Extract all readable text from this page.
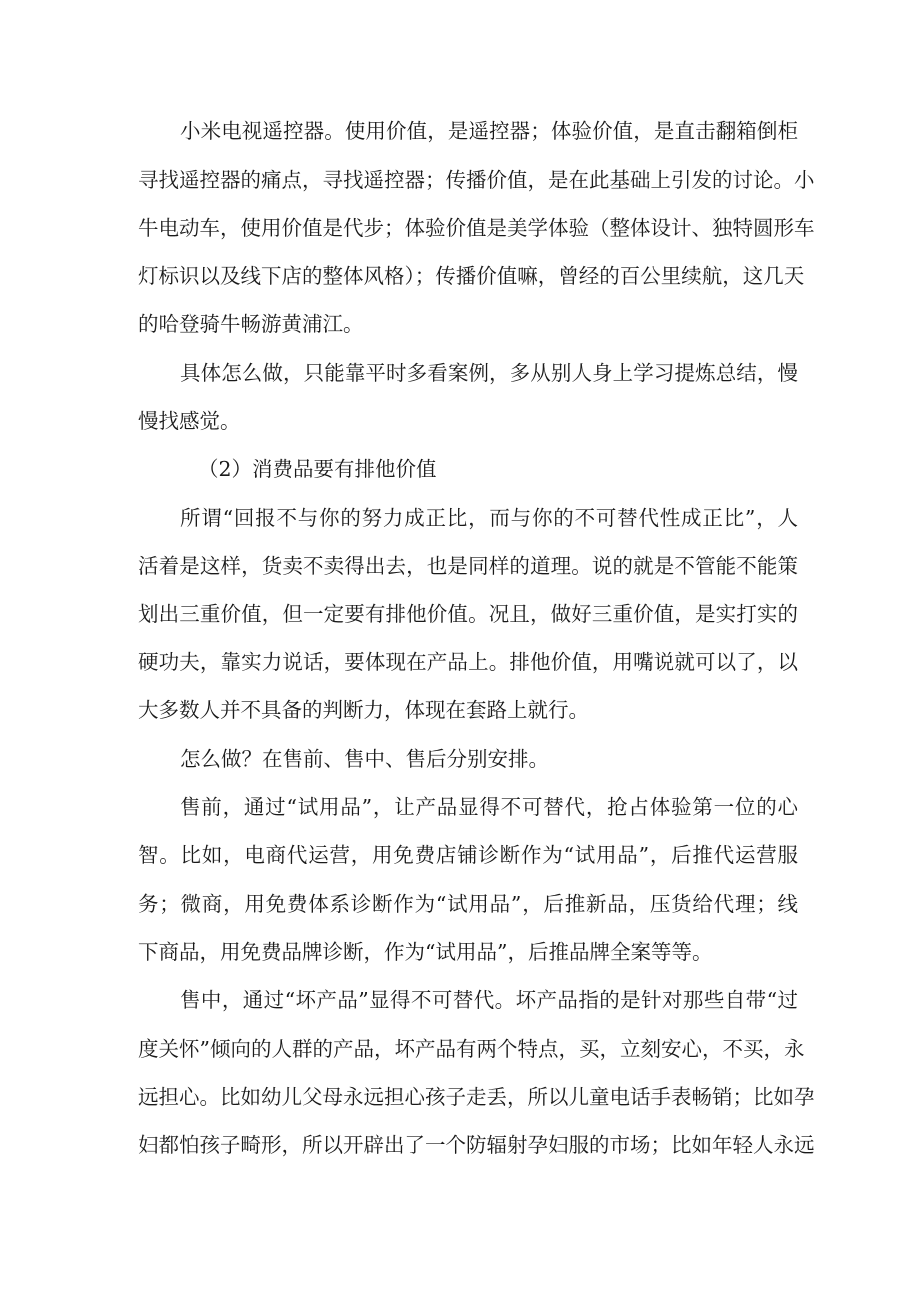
小米电视遥控器。使用价值，是遥控器；体验价值，是直击翻箱倒柜
寻找遥控器的痛点，寻找遥控器；传播价值，是在此基础上引发的讨论。小
牛电动车，使用价值是代步；体验价值是美学体验（整体设计、独特圆形车
灯标识以及线下店的整体风格）；传播价值嘛，曾经的百公里续航，这几天
的哈登骑牛畅游黄浦江。
具体怎么做，只能靠平时多看案例，多从别人身上学习提炼总结，慢
慢找感觉。
（2）消费品要有排他价值
所谓“回报不与你的努力成正比，而与你的不可替代性成正比”，人
活着是这样，货卖不卖得出去，也是同样的道理。说的就是不管能不能策
划出三重价值，但一定要有排他价值。况且，做好三重价值，是实打实的
硬功夫，靠实力说话，要体现在产品上。排他价值，用嘴说就可以了，以
大多数人并不具备的判断力，体现在套路上就行。
怎么做？在售前、售中、售后分别安排。
售前，通过“试用品”，让产品显得不可替代，抢占体验第一位的心
智。比如，电商代运营，用免费店铺诊断作为“试用品”，后推代运营服
务；微商，用免费体系诊断作为“试用品”，后推新品，压货给代理；线
下商品，用免费品牌诊断，作为“试用品”，后推品牌全案等等。
售中，通过“坏产品”显得不可替代。坏产品指的是针对那些自带“过
度关怀”倾向的人群的产品，坏产品有两个特点，买，立刻安心，不买，永
远担心。比如幼儿父母永远担心孩子走丢，所以儿童电话手表畅销；比如孕
妇都怕孩子畸形，所以开辟出了一个防辐射孕妇服的市场；比如年轻人永远
